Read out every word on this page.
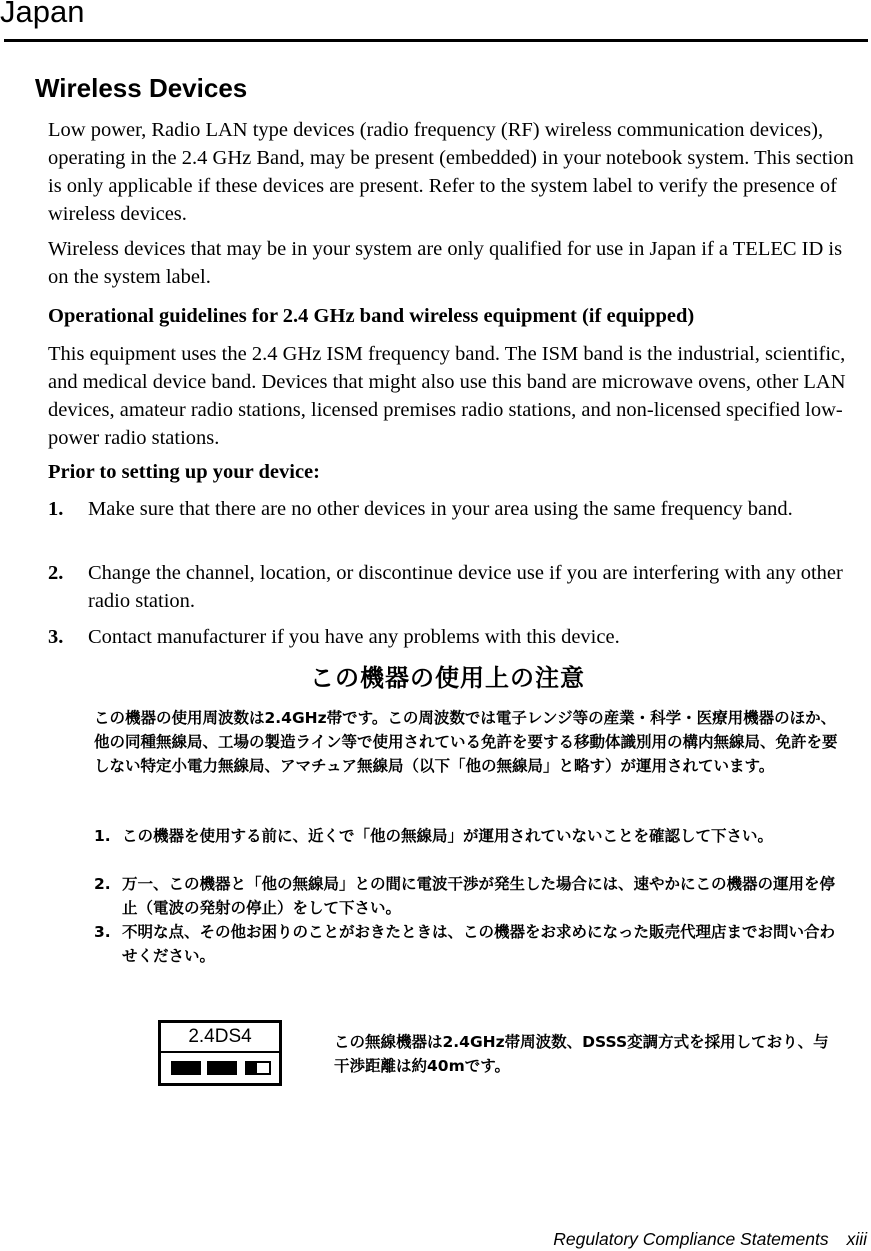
Japan
Wireless Devices
Low power, Radio LAN type devices (radio frequency (RF) wireless communication devices), operating in the 2.4 GHz Band, may be present (embedded) in your notebook system. This section is only applicable if these devices are present. Refer to the system label to verify the presence of wireless devices.
Wireless devices that may be in your system are only qualified for use in Japan if a TELEC ID is on the system label.
Operational guidelines for 2.4 GHz band wireless equipment (if equipped)
This equipment uses the 2.4 GHz ISM frequency band. The ISM band is the industrial, scientific, and medical device band. Devices that might also use this band are microwave ovens, other LAN devices, amateur radio stations, licensed premises radio stations, and non-licensed specified low-power radio stations.
Prior to setting up your device:
1. Make sure that there are no other devices in your area using the same frequency band.
2. Change the channel, location, or discontinue device use if you are interfering with any other radio station.
3. Contact manufacturer if you have any problems with this device.
この機器の使用上の注意
この機器の使用周波数は2.4GHz帯です。この周波数では電子レンジ等の産業・科学・医療用機器のほか、他の同種無線局、工場の製造ライン等で使用されている免許を要する移動体識別用の構内無線局、免許を要しない特定小電力無線局、アマチュア無線局（以下「他の無線局」と略す）が運用されています。
1. この機器を使用する前に、近くで「他の無線局」が運用されていないことを確認して下さい。
2. 万一、この機器と「他の無線局」との間に電波干渉が発生した場合には、速やかにこの機器の運用を停止（電波の発射の停止）をして下さい。
3. 不明な点、その他お困りのことがおきたときは、この機器をお求めになった販売代理店までお問い合わせください。
2.4DS4	この無線機器は2.4GHz帯周波数、DSSS変調方式を採用しており、与干渉距離は約40mです。
Regulatory Compliance Statements xiii
